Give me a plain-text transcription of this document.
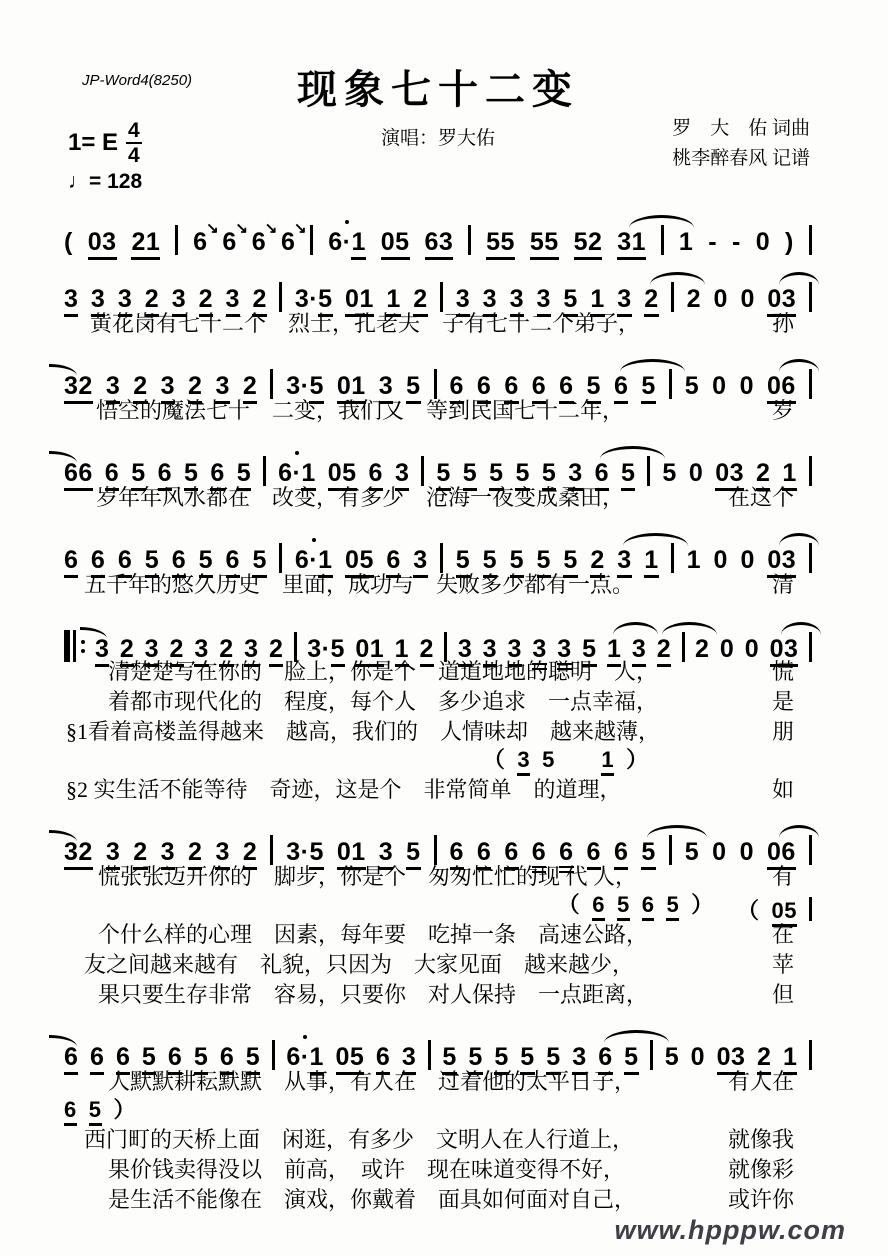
JP-Word4(8250)	现象七十二变
演唱：罗大佑	罗　大　佑 词曲
桃李醉春风 记谱
1= E 4
4
♩= 128
( 03 21 6 ↘ 6 ↘ 6 ↘ 6 ↘ 6·1 05 63 55 55 52 31 1 - - 0 )
3 3 3 2 3 2 3 2 3·5 01 1 2 3 3 3 3 5 1 3 2 2 0 0 03
黄花岗有七十二个　烈士，孔老夫　子有七十二个弟子，	孙
32 3 2 3 2 3 2 3·5 01 3 5 6 6 6 6 6 5 6 5 5 0 0 06
悟空的魔法七十　二变，我们又　等到民国七十二年，	岁
66 6 5 6 5 6 5 6·1 05 6 3 5 5 5 5 5 3 6 5 5 0 03 2 1
岁年年风水都在　改变，有多少　沧海一夜变成桑田，	在这个
6 6 6 5 6 5 6 5 6·1 05 6 3 5 5 5 5 5 2 3 1 1 0 0 03
五千年的悠久历史　里面，成功与　失败多少都有一点。	清
3 2 3 2 3 2 3 2 3·5 01 1 2 3 3 3 3 3 5 1 3 2 2 0 0 03
清楚楚写在你的　脸上，你是个　道道地地的聪明　人，	慌
着都市现代化的　程度，每个人　多少追求　一点幸福，	是
§1看着高楼盖得越来　越高，我们的　人情味却　越来越薄，	朋
（ 3 5
　 1 ）
§2 实生活不能等待　奇迹，这是个　非常简单　的道理，	如
32 3 2 3 2 3 2 3·5 01 3 5 6 6 6 6 6 6 6 5 5 0 0 06
慌张张迈开你的　脚步，你是个　匆匆忙忙的现 代 人，	有
（ 6 5 6 5 ） （ 05
个什么样的心理　因素，每年要　吃掉一条　高速公路，	在
友之间越来越有　礼貌，只因为　大家见面　越来越少，	苹
果只要生存非常　容易，只要你　对人保持　一点距离，	但
6 6 6 5 6 5 6 5 6·1 05 6 3 5 5 5 5 5 3 6 5 5 0 03 2 1
人默默耕耘默默　从事，有人在　过着他的太平日子，	有人在
6 5 ）
西门町的天桥上面　闲逛，有多少　文明人在人行道上，	就像我
果价钱卖得没以　前高，　或许　现在味道变得不好，	就像彩
是生活不能像在　演戏，你戴着　面具如何面对自己，	或许你
www.hpppw.com
